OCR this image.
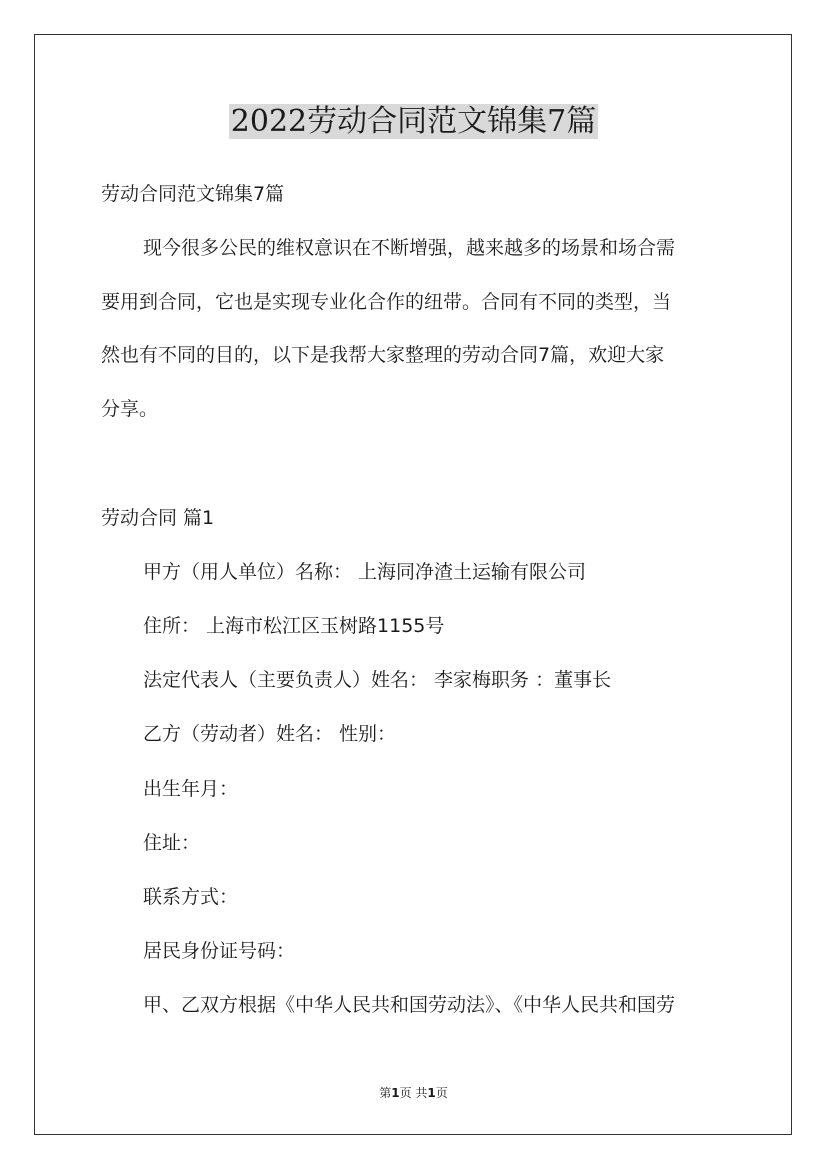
2022劳动合同范文锦集7篇
劳动合同范文锦集7篇
现今很多公民的维权意识在不断增强，越来越多的场景和场合需
要用到合同，它也是实现专业化合作的纽带。合同有不同的类型，当
然也有不同的目的，以下是我帮大家整理的劳动合同7篇，欢迎大家
分享。
劳动合同 篇1
甲方（用人单位）名称： 上海同净渣土运输有限公司
住所： 上海市松江区玉树路1155号
法定代表人（主要负责人）姓名： 李家梅职务 ：董事长
乙方（劳动者）姓名： 性别：
出生年月：
住址：
联系方式：
居民身份证号码：
甲、乙双方根据《中华人民共和国劳动法》、《中华人民共和国劳
第1页 共1页
